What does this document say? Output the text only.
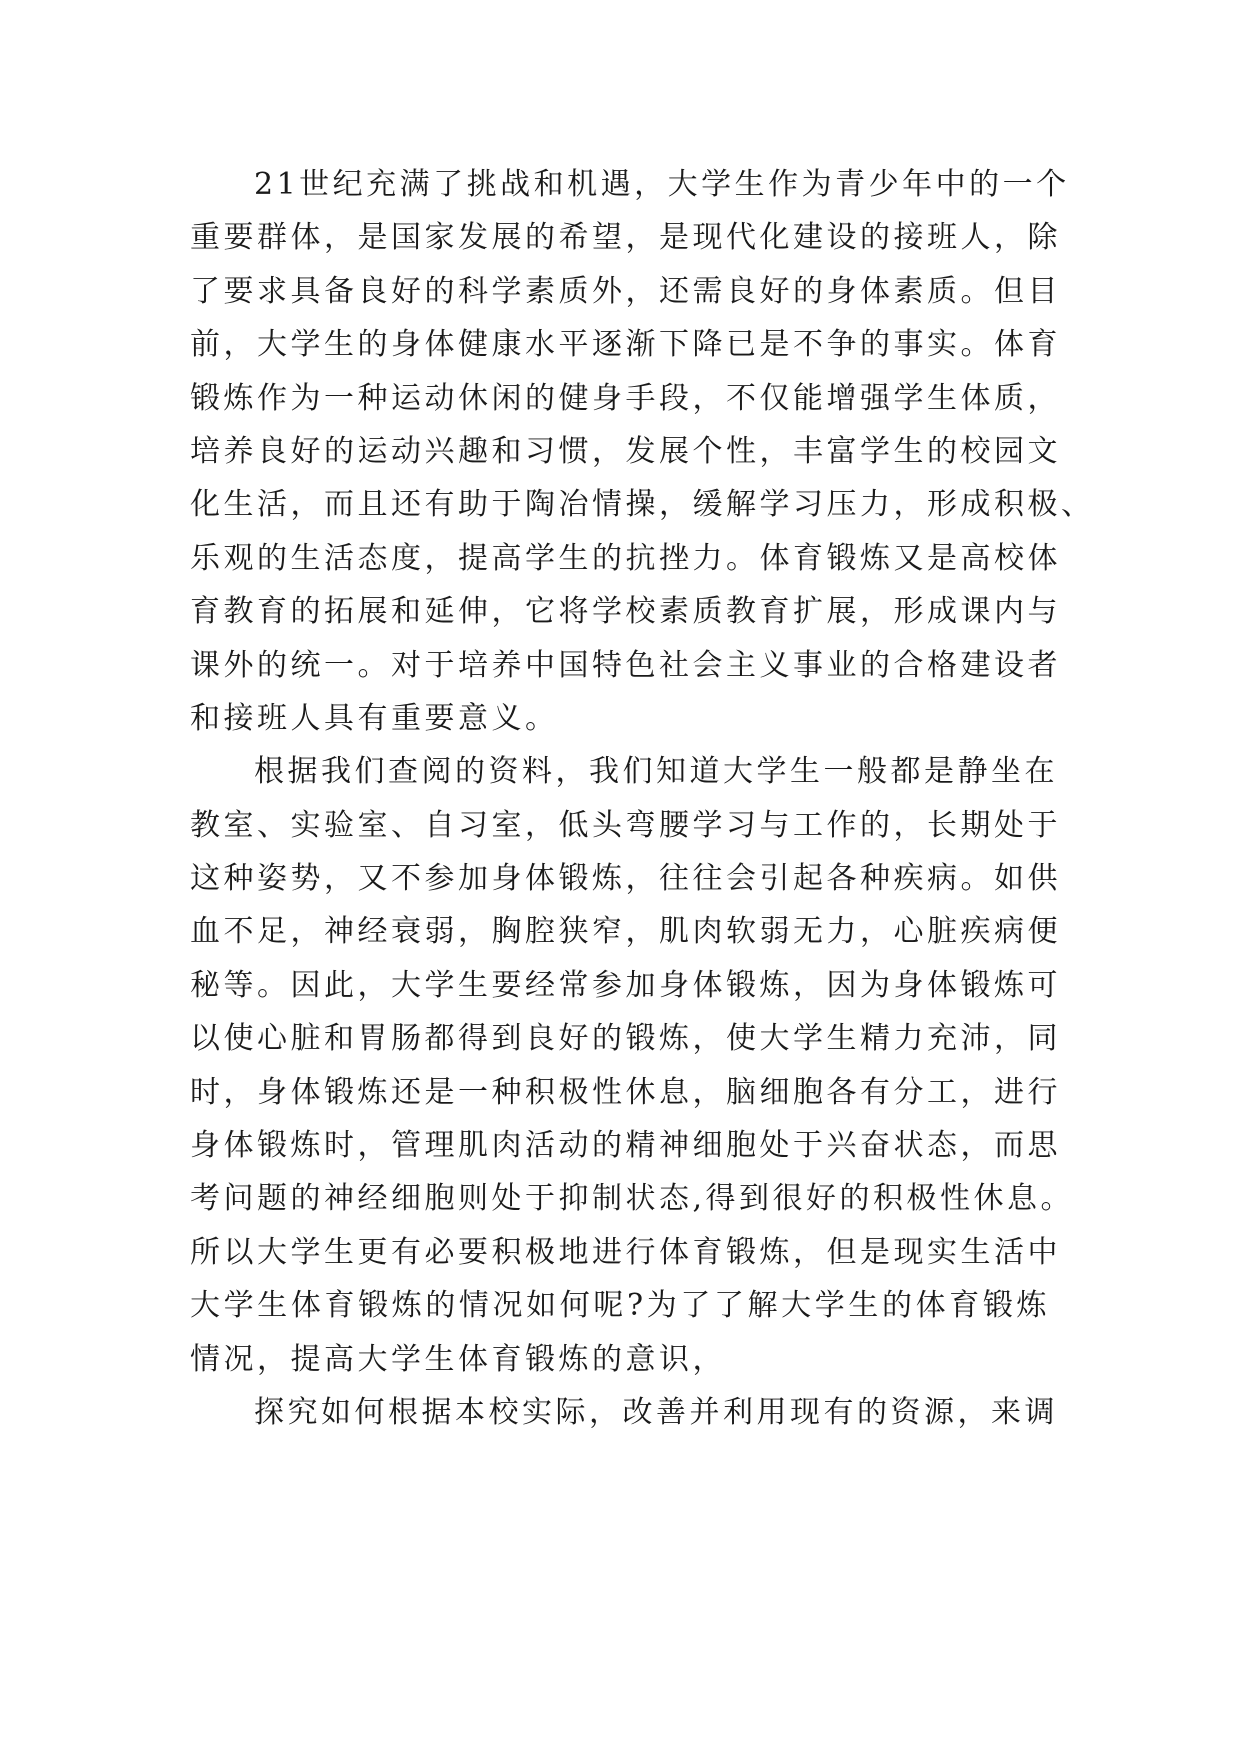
21世纪充满了挑战和机遇，大学生作为青少年中的一个
重要群体，是国家发展的希望，是现代化建设的接班人，除
了要求具备良好的科学素质外，还需良好的身体素质。但目
前，大学生的身体健康水平逐渐下降已是不争的事实。体育
锻炼作为一种运动休闲的健身手段，不仅能增强学生体质，
培养良好的运动兴趣和习惯，发展个性，丰富学生的校园文
化生活，而且还有助于陶冶情操，缓解学习压力，形成积极、
乐观的生活态度，提高学生的抗挫力。体育锻炼又是高校体
育教育的拓展和延伸，它将学校素质教育扩展，形成课内与
课外的统一。对于培养中国特色社会主义事业的合格建设者
和接班人具有重要意义。
根据我们查阅的资料，我们知道大学生一般都是静坐在
教室、实验室、自习室，低头弯腰学习与工作的，长期处于
这种姿势，又不参加身体锻炼，往往会引起各种疾病。如供
血不足，神经衰弱，胸腔狭窄，肌肉软弱无力，心脏疾病便
秘等。因此，大学生要经常参加身体锻炼，因为身体锻炼可
以使心脏和胃肠都得到良好的锻炼，使大学生精力充沛，同
时，身体锻炼还是一种积极性休息，脑细胞各有分工，进行
身体锻炼时，管理肌肉活动的精神细胞处于兴奋状态，而思
考问题的神经细胞则处于抑制状态,得到很好的积极性休息。
所以大学生更有必要积极地进行体育锻炼，但是现实生活中
大学生体育锻炼的情况如何呢?为了了解大学生的体育锻炼
情况，提高大学生体育锻炼的意识，
探究如何根据本校实际，改善并利用现有的资源，来调
